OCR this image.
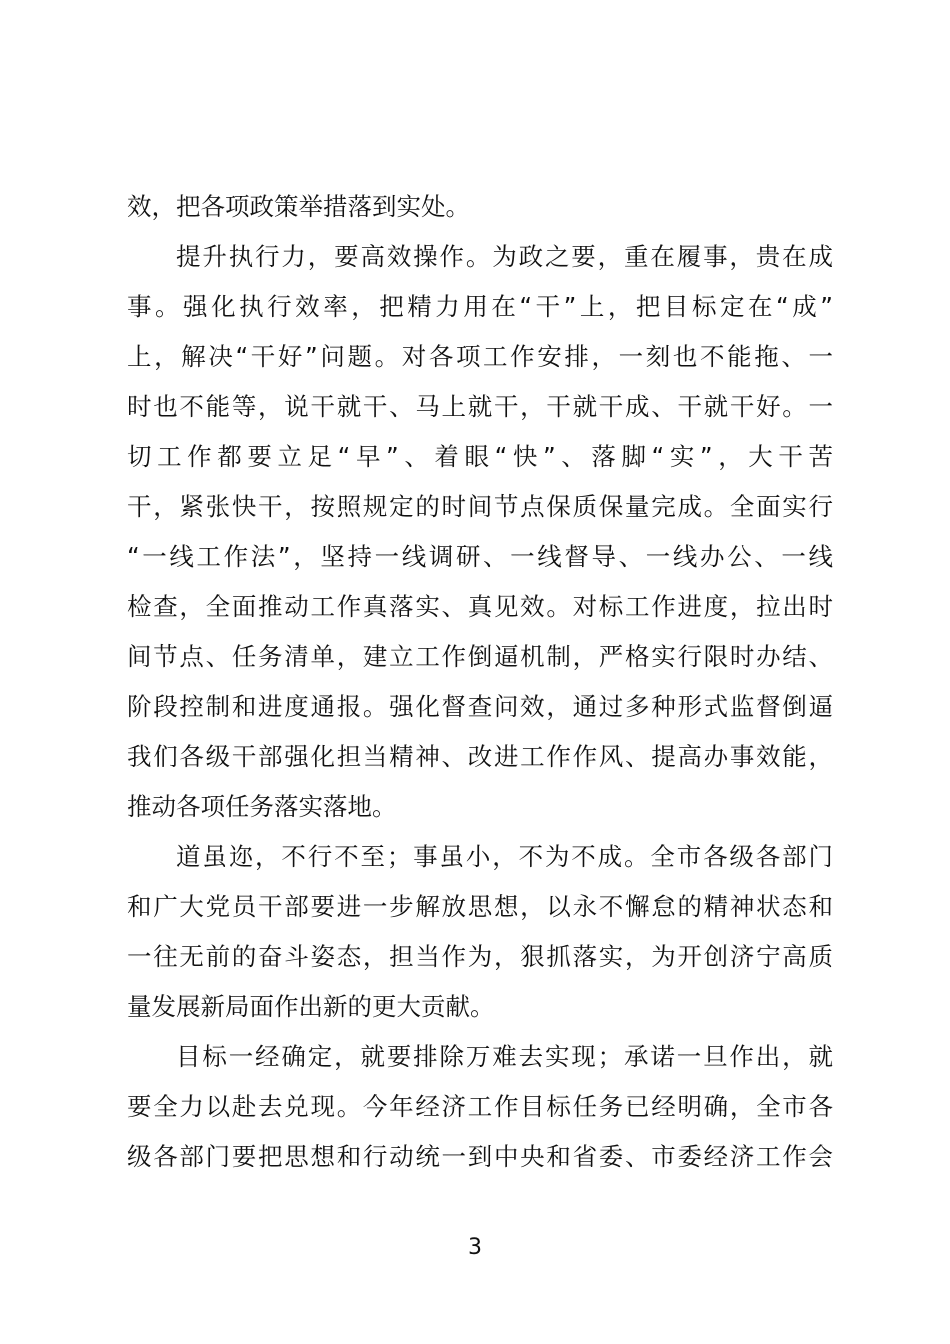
效，把各项政策举措落到实处。
提升执行力，要高效操作。为政之要，重在履事，贵在成
事。强化执行效率，把精力用在“干”上，把目标定在“成”
上，解决“干好”问题。对各项工作安排，一刻也不能拖、一
时也不能等，说干就干、马上就干，干就干成、干就干好。一
切工作都要立足“早”、着眼“快”、落脚“实”，大干苦
干，紧张快干，按照规定的时间节点保质保量完成。全面实行
“一线工作法”，坚持一线调研、一线督导、一线办公、一线
检查，全面推动工作真落实、真见效。对标工作进度，拉出时
间节点、任务清单，建立工作倒逼机制，严格实行限时办结、
阶段控制和进度通报。强化督查问效，通过多种形式监督倒逼
我们各级干部强化担当精神、改进工作作风、提高办事效能，
推动各项任务落实落地。
道虽迩，不行不至；事虽小，不为不成。全市各级各部门
和广大党员干部要进一步解放思想，以永不懈怠的精神状态和
一往无前的奋斗姿态，担当作为，狠抓落实，为开创济宁高质
量发展新局面作出新的更大贡献。
目标一经确定，就要排除万难去实现；承诺一旦作出，就
要全力以赴去兑现。今年经济工作目标任务已经明确，全市各
级各部门要把思想和行动统一到中央和省委、市委经济工作会
3
